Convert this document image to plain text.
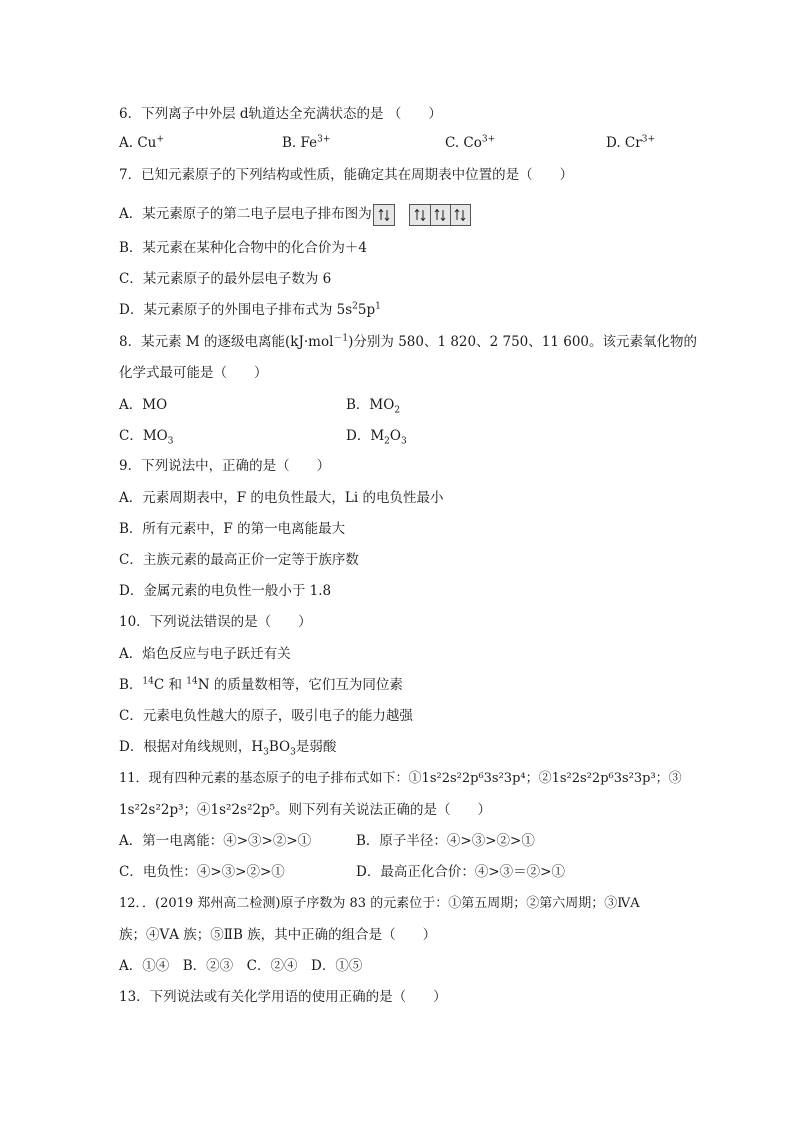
6．下列离子中外层 d轨道达全充满状态的是 （　　）
A. Cu+	B. $Fe^{3+}$	C. $Co^{3+}$	D. $Cr^{3+}$
7．已知元素原子的下列结构或性质，能确定其在周期表中位置的是（　　）
A．某元素原子的第二电子层电子排布图为
B．某元素在某种化合物中的化合价为＋4
C．某元素原子的最外层电子数为 6
D．某元素原子的外围电子排布式为 $5s^25p^1$
8．某元素 M 的逐级电离能(kJ·mol$^{-1}$)分别为 580、1 820、2 750、11 600。该元素氧化物的
化学式最可能是（　　）
A．MO	B．$MO_2$
C．$MO_3$	D．$M_2O_3$
9．下列说法中，正确的是（　　）
A．元素周期表中，F 的电负性最大，Li 的电负性最小
B．所有元素中，F 的第一电离能最大
C．主族元素的最高正价一定等于族序数
D．金属元素的电负性一般小于 1.8
10．下列说法错误的是（　　）
A．焰色反应与电子跃迁有关
B．$^{14}$C 和 $^{14}$N 的质量数相等，它们互为同位素
C．元素电负性越大的原子，吸引电子的能力越强
D．根据对角线规则，$H_3BO_3$是弱酸
11．现有四种元素的基态原子的电子排布式如下：①1s²2s²2p⁶3s²3p⁴；②1s²2s²2p⁶3s²3p³；③
1s²2s²2p³；④1s²2s²2p⁵。则下列有关说法正确的是（　　）
A．第一电离能：④>③>②>①	B．原子半径：④>③>②>①
C．电负性：④>③>②>①	D．最高正化合价：④>③＝②>①
12．．(2019 郑州高二检测)原子序数为 83 的元素位于：①第五周期；②第六周期；③ⅣA
族；④ⅤA 族；⑤ⅡB 族，其中正确的组合是（　　）
A．①④　B．②③　C．②④　D．①⑤
13．下列说法或有关化学用语的使用正确的是（　　）
